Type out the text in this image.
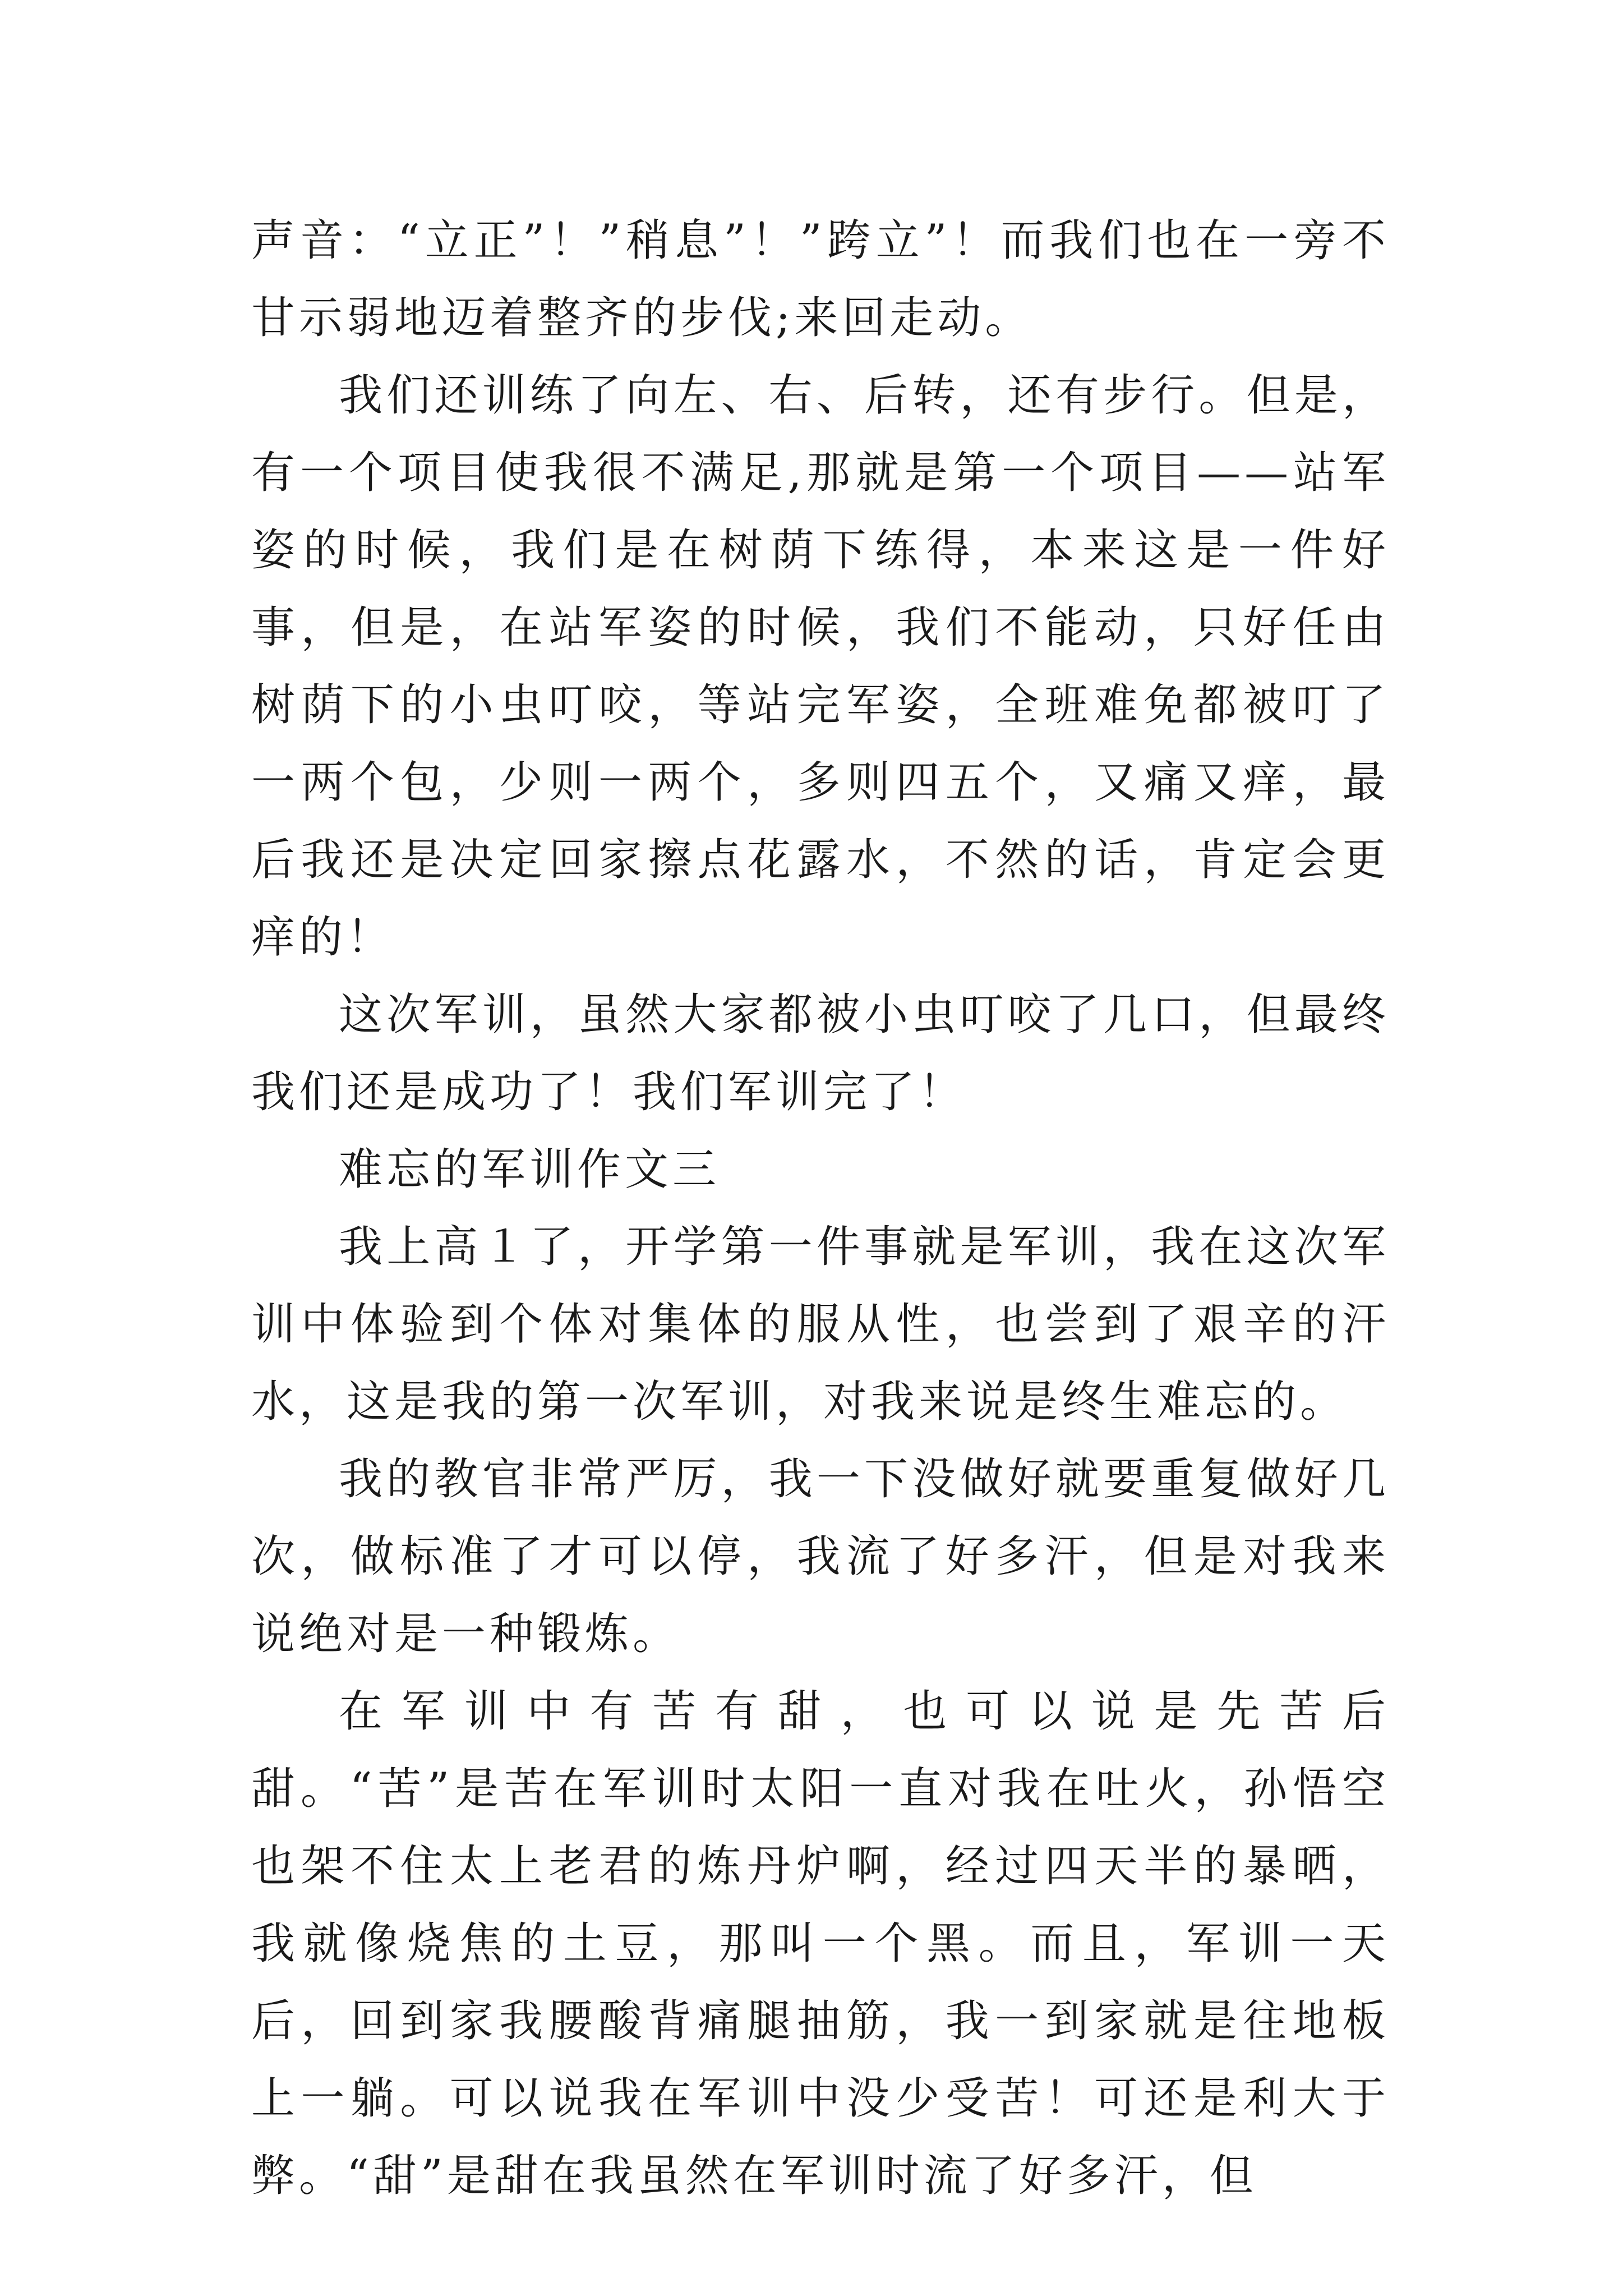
声音：“立正”！”稍息”！”跨立”！而我们也在一旁不甘示弱地迈着整齐的步伐;来回走动。

我们还训练了向左、右、后转，还有步行。但是，有一个项目使我很不满足,那就是第一个项目——站军姿的时候，我们是在树荫下练得，本来这是一件好事，但是，在站军姿的时候，我们不能动，只好任由树荫下的小虫叮咬，等站完军姿，全班难免都被叮了一两个包，少则一两个，多则四五个，又痛又痒，最后我还是决定回家擦点花露水，不然的话，肯定会更痒的！

这次军训，虽然大家都被小虫叮咬了几口，但最终我们还是成功了！我们军训完了！

难忘的军训作文三

我上高１了，开学第一件事就是军训，我在这次军训中体验到个体对集体的服从性，也尝到了艰辛的汗水，这是我的第一次军训，对我来说是终生难忘的。

我的教官非常严厉，我一下没做好就要重复做好几次，做标准了才可以停，我流了好多汗，但是对我来说绝对是一种锻炼。

在军训中有苦有甜，也可以说是先苦后甜。“苦”是苦在军训时太阳一直对我在吐火，孙悟空也架不住太上老君的炼丹炉啊，经过四天半的暴晒，我就像烧焦的土豆，那叫一个黑。而且，军训一天后，回到家我腰酸背痛腿抽筋，我一到家就是往地板上一躺。可以说我在军训中没少受苦！可还是利大于弊。“甜”是甜在我虽然在军训时流了好多汗，但
